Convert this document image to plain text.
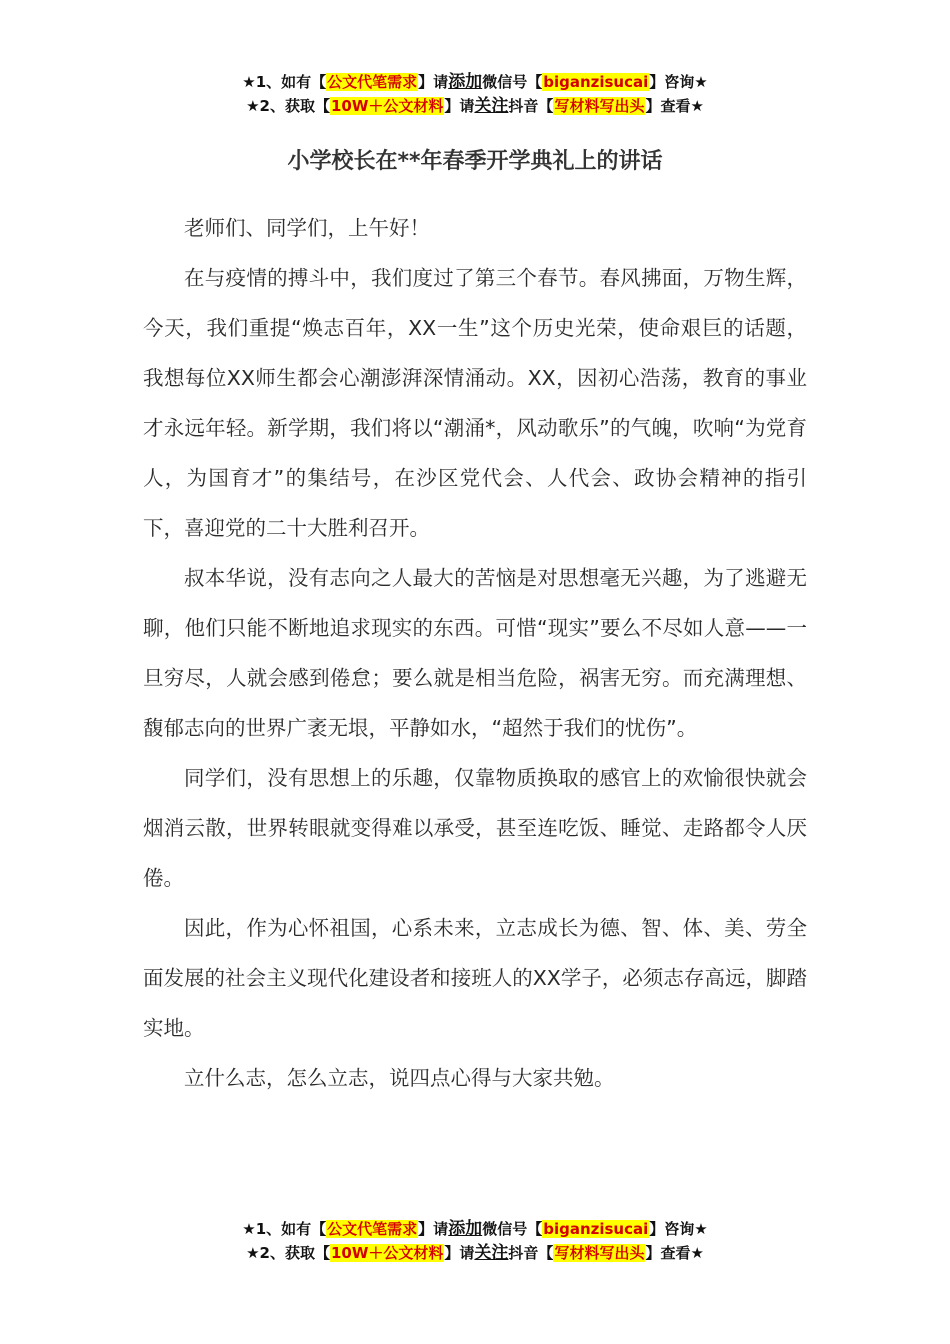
★1、如有【公文代笔需求】请添加微信号【biganzisucai】咨询★
★2、获取【10W＋公文材料】请关注抖音【写材料写出头】查看★
小学校长在**年春季开学典礼上的讲话

老师们、同学们，上午好！

在与疫情的搏斗中，我们度过了第三个春节。春风拂面，万物生辉，今天，我们重提“焕志百年，XX一生”这个历史光荣，使命艰巨的话题，我想每位XX师生都会心潮澎湃深情涌动。XX，因初心浩荡，教育的事业才永远年轻。新学期，我们将以“潮涌*，风动歌乐”的气魄，吹响“为党育人，为国育才”的集结号，在沙区党代会、人代会、政协会精神的指引下，喜迎党的二十大胜利召开。

叔本华说，没有志向之人最大的苦恼是对思想毫无兴趣，为了逃避无聊，他们只能不断地追求现实的东西。可惜“现实”要么不尽如人意——一旦穷尽，人就会感到倦怠；要么就是相当危险，祸害无穷。而充满理想、馥郁志向的世界广袤无垠，平静如水，“超然于我们的忧伤”。

同学们，没有思想上的乐趣，仅靠物质换取的感官上的欢愉很快就会烟消云散，世界转眼就变得难以承受，甚至连吃饭、睡觉、走路都令人厌倦。

因此，作为心怀祖国，心系未来，立志成长为德、智、体、美、劳全面发展的社会主义现代化建设者和接班人的XX学子，必须志存高远，脚踏实地。

立什么志，怎么立志，说四点心得与大家共勉。

★1、如有【公文代笔需求】请添加微信号【biganzisucai】咨询★
★2、获取【10W＋公文材料】请关注抖音【写材料写出头】查看★
